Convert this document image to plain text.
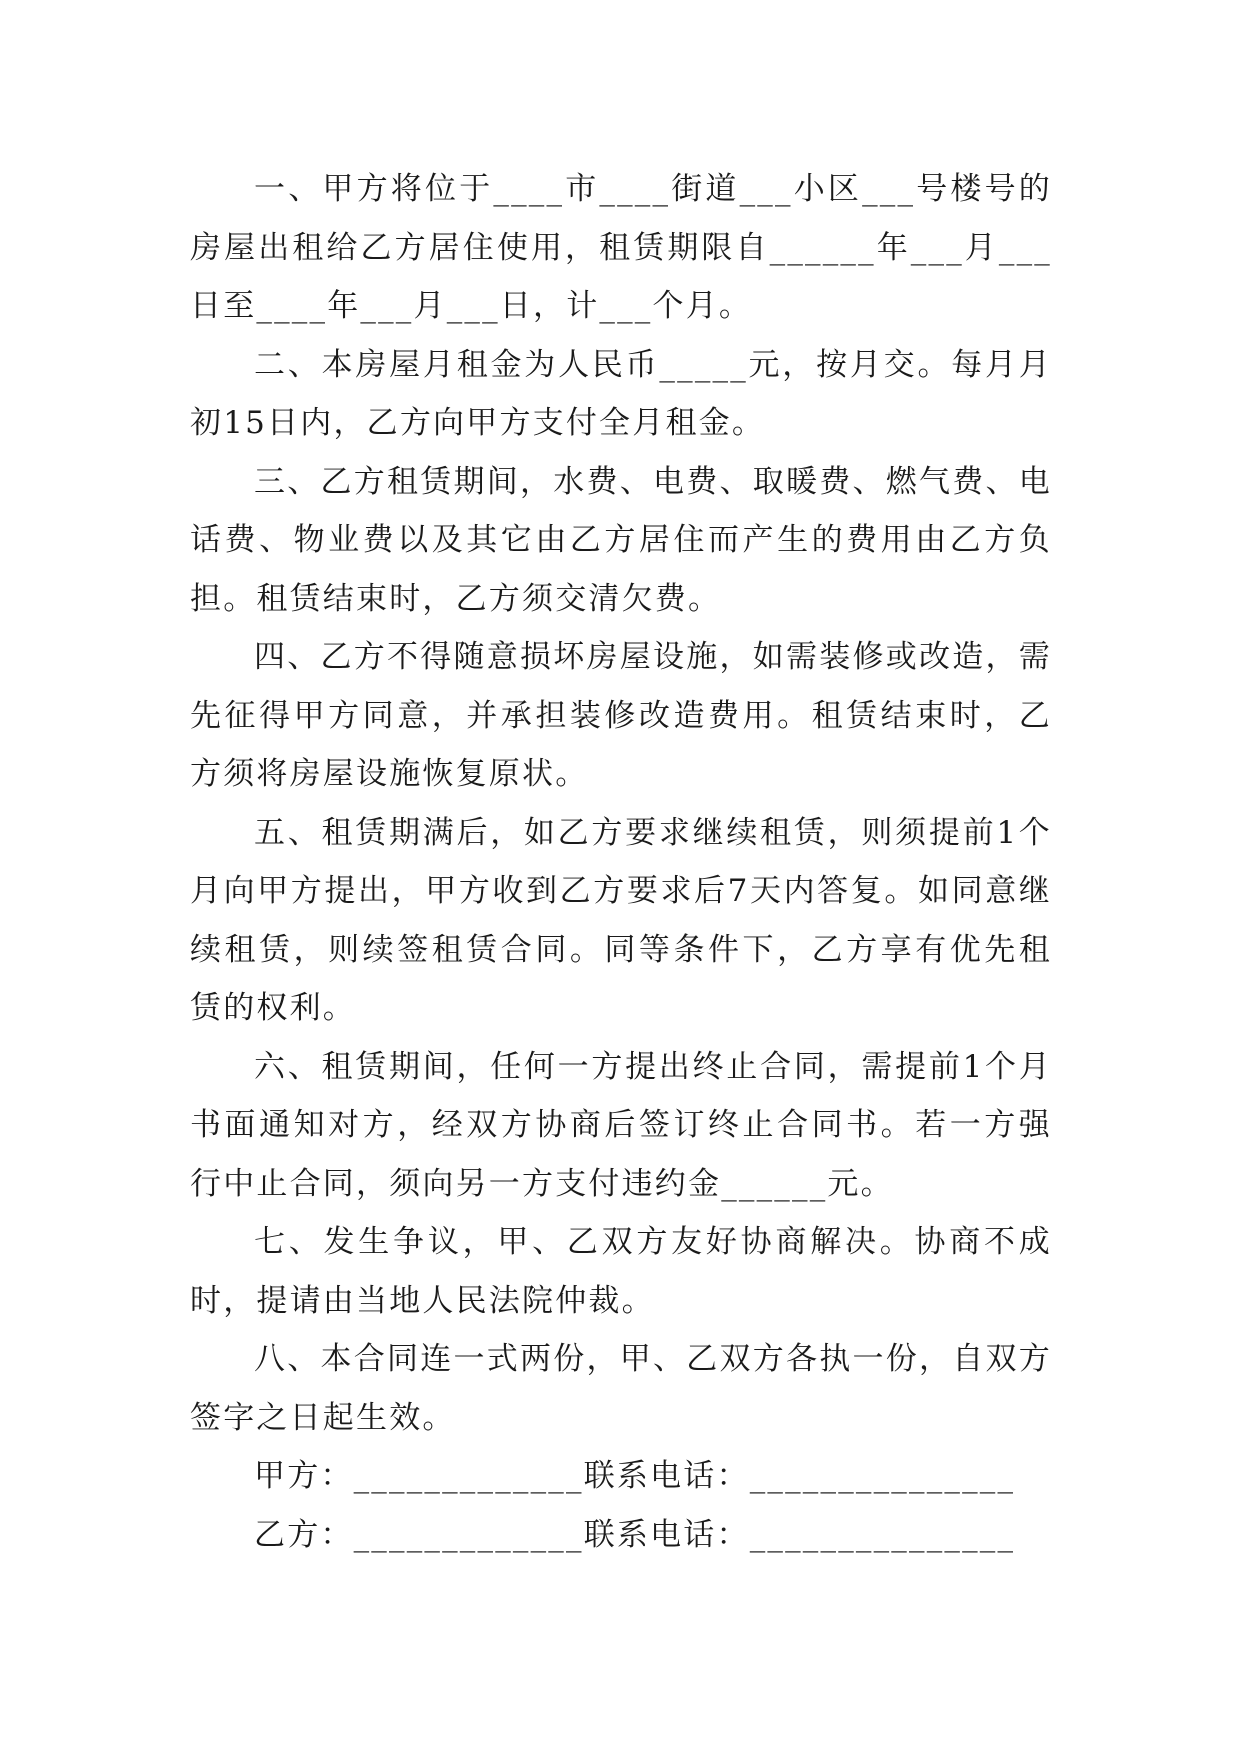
一、甲方将位于____市____街道___小区___号楼号的房屋出租给乙方居住使用，租赁期限自______年___月___日至____年___月___日，计___个月。

二、本房屋月租金为人民币_____元，按月交。每月月初15日内，乙方向甲方支付全月租金。

三、乙方租赁期间，水费、电费、取暖费、燃气费、电话费、物业费以及其它由乙方居住而产生的费用由乙方负担。租赁结束时，乙方须交清欠费。

四、乙方不得随意损坏房屋设施，如需装修或改造，需先征得甲方同意，并承担装修改造费用。租赁结束时，乙方须将房屋设施恢复原状。

五、租赁期满后，如乙方要求继续租赁，则须提前1个月向甲方提出，甲方收到乙方要求后7天内答复。如同意继续租赁，则续签租赁合同。同等条件下，乙方享有优先租赁的权利。

六、租赁期间，任何一方提出终止合同，需提前1个月书面通知对方，经双方协商后签订终止合同书。若一方强行中止合同，须向另一方支付违约金______元。

七、发生争议，甲、乙双方友好协商解决。协商不成时，提请由当地人民法院仲裁。

八、本合同连一式两份，甲、乙双方各执一份，自双方签字之日起生效。

甲方：_____________联系电话：_______________

乙方：_____________联系电话：_______________
